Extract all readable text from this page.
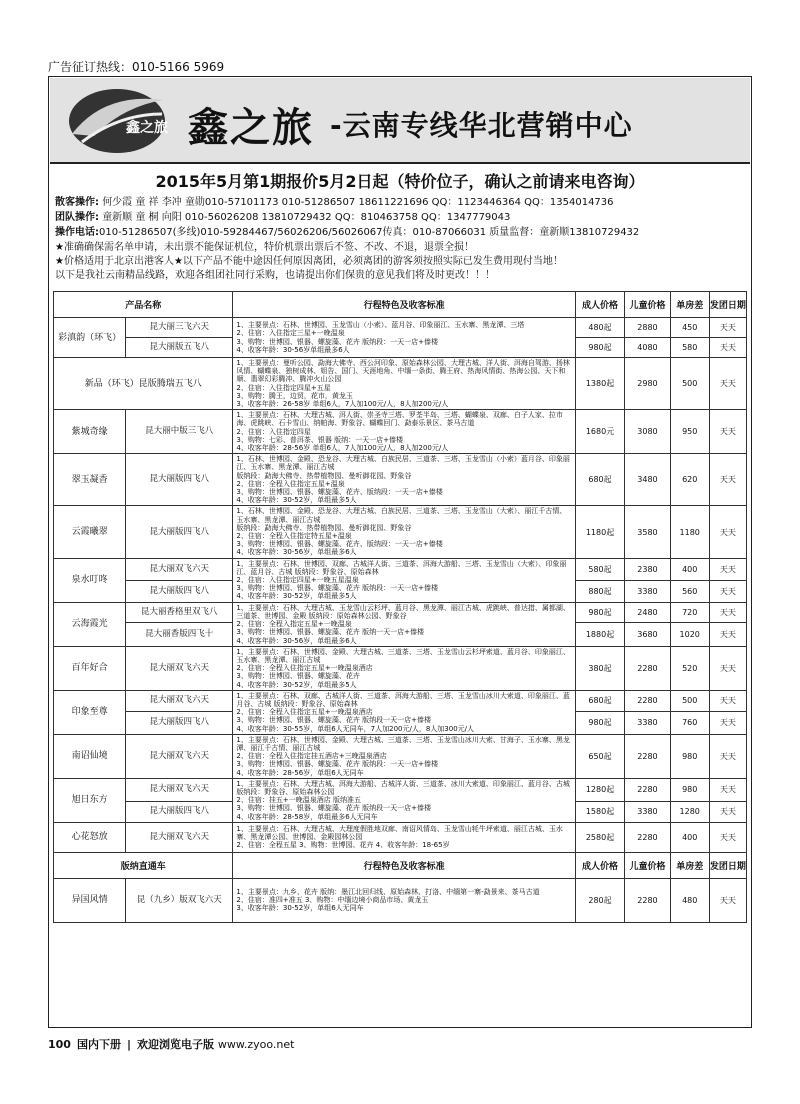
广告征订热线：010-5166 5969
鑫之旅 鑫之旅 -云南专线华北营销中心
2015年5月第1期报价5月2日起（特价位子，确认之前请来电咨询）
散客操作: 何少霞 童 祥 李冲 童勋010-57101173 010-51286507 18611221696 QQ：1123446364 QQ：1354014736
团队操作: 童新顺 童 桐 向阳 010-56026208 13810729432 QQ：810463758 QQ：1347779043
操作电话:010-51286507(多线)010-59284467/56026206/56026067传真：010-87066031 质量监督：童新顺13810729432
★准确确保需名单申请，未出票不能保证机位，特价机票出票后不签、不改、不退，退票全损！
★价格适用于北京出港客人★以下产品不能中途因任何原因离团，必须离团的游客须按照实际已发生费用现付当地！
以下是我社云南精品线路，欢迎各组团社同行采购，也请提出你们保贵的意见我们将及时更改！！！
产品名称		行程特色及收客标准	成人价格	儿童价格	单房差	发团日期
彩滇韵（环飞）	昆大丽三飞六天	1、主要景点：石林、世博园、玉龙雪山（小索）、蓝月谷、印象丽江、玉水寨、黑龙潭、三塔
2、住宿：入住指定三星+一晚温泉
3、购物：世博园、银器、螺旋藻、花卉 版纳段：一天一店+傣楼
4、收客年龄：30-56岁单组最多6人	480起	2880	450	天天
	昆大丽版五飞八		980起	4080	580	天天
新品（环飞）昆版腾瑞五飞八		1、主要景点：曼听公园、勐海大佛寺、西公河印象、原始森林公园、大理古城、洋人街、洱海自驾游、扬林风情、蝴蝶泉、独树成林、姐告、国门、天涯地角、中缅一条街、腾王府、热海风情街、热海公园、天下和顺、翡翠幻彩腾冲、腾冲火山公园
2、住宿：入住指定四星+五星
3、购物：腾王，边贸，花市，黄龙玉
3、收客年龄：26-58岁 单组6人，7人加100元/人，8人加200元/人	1380起	2980	500	天天
紫城奇缘	昆大丽中版三飞八	1、主要景点：石林、大理古城、洱人街、崇圣寺三塔、罗荃半岛、三塔、蝴蝶泉、双廊、白子人家、拉市海、虎跳峡、石卡雪山、纳帕海、野象谷、蝴蝶回门、勐泰乐景区、茶马古道
2、住宿：入住指定四星
3、购物：七彩、普洱茶、银器 版纳：一天一店+傣楼
4、收客年龄：28-56岁 单组6人，7人加100元/人，8人加200元/人	1680元	3080	950	天天
翠玉凝香	昆大丽版四飞八	1、石林、世博园、金殿、恐龙谷、大理古城、白族民居、三道茶、三塔、玉龙雪山（小索）蓝月谷、印象丽江、玉水寨、黑龙潭、丽江古城
版纳段：勐海大佛寺、热带植物园、曼听御花园、野象谷
2、住宿：全程入住指定五星+温泉
3、购物：世博园、银器、螺旋藻、花卉、版纳段：一天一店+傣楼
4、收客年龄：30-52岁，单组最多5人	680起	3480	620	天天
云霞曦翠	昆大丽版四飞八	1、石林、世博园、金殿、恐龙谷、大理古城、白族民居、三道茶、三塔、玉龙雪山（大索）、丽江千古情、玉水寨、黑龙潭、丽江古城
版纳段：勐海大佛寺、热带植物园、曼听御花园、野象谷
2、住宿：全程入住指定特五星+温泉
3、购物：世博园、银器、螺旋藻、花卉、版纳段：一天一店+傣楼
4、收客年龄：30-56岁，单组最多6人	1180起	3580	1180	天天
泉水叮咚	昆大丽双飞六天	1、主要景点：石林、世博园、双廊、古城洋人街、三道茶、洱海大游船、三塔、玉龙雪山（大索）、印象丽江、蓝月谷、古城 版纳段：野象谷、原始森林
2、住宿：入住指定四星+一晚五星温泉
3、购物：世博园、银器、螺旋藻、花卉 版纳段：一天一店+傣楼
4、收客年龄：30-52岁，单组最多5人	580起	2380	400	天天
	昆大丽版四飞八		880起	3380	560	天天
云海霞光	昆大丽香格里双飞八	1、主要景点：石林、大理古城、玉龙雪山云杉坪、蓝月谷、黑龙潭、丽江古城、虎跳峡、普达措、属都湖、三道茶、世博园、金殿 版纳段：原始森林公园、野象谷
2、住宿：全程入指定五星+一晚温泉
3、购物：世博园、银器、螺旋藻、花卉 版纳一天一店+傣楼
4、收客年龄：30-56岁，单组最多6人	980起	2480	720	天天
	昆大丽香版四飞十		1880起	3680	1020	天天
百年好合	昆大丽双飞六天	1、主要景点：石林、世博园、金殿、大理古城、三道茶、三塔、玉龙雪山云杉坪索道、蓝月谷、印象丽江、玉水寨、黑龙潭、丽江古城
2、住宿：全程入住指定五星+一晚温泉酒店
3、购物：世博园、银器、螺旋藻、花卉
4、收客年龄：30-52岁，单组最多5人	380起	2280	520	天天
印象至尊	昆大丽双飞六天	1、主要景点：石林、双廊、古城洋人街、三道茶、洱海大游船、三塔、玉龙雪山冰川大索道、印象丽江、蓝月谷、古城 版纳段：野象谷、原始森林
2、住宿：全程入住指定五星+一晚温泉酒店
3、购物：世博园、银器、螺旋藻、花卉 版纳段一天一店+傣楼
4、收客年龄：30-55岁，单组6人无同车，7人加200元/人，8人加300元/人	680起	2280	500	天天
	昆大丽版四飞八		980起	3380	760	天天
南诏仙境	昆大丽双飞六天	1、主要景点：石林、世博园、金殿、大理古城、三道茶、三塔、玉龙雪山冰川大索、甘海子、玉水寨、黑龙潭、丽江千古情、丽江古城
2、住宿：全程入住指定挂五酒店+三晚温泉酒店
3、购物：世博园、银器、螺旋藻、花卉 版纳段：一天一店+傣楼
4、收客年龄：28-56岁，单组6人无同车	650起	2280	980	天天
旭日东方	昆大丽双飞六天	1、主要景点：石林、大理古城、洱海大游船、古城洋人街、三道茶、冰川大索道、印象丽江、蓝月谷、古城 版纳段：野象谷、原始森林公园
2、住宿：挂五+一晚温泉酒店 版纳准五
3、购物：世博园、银器、螺旋藻、花卉 版纳段一天一店+傣楼
4、收客年龄：28-58岁，单组最多6人无同车	1280起	2280	980	天天
	昆大丽版四飞八		1580起	3380	1280	天天
心花怒放	昆大丽双飞六天	1、主要景点：石林、大理古城、大理度假胜地双廊、南诏风情岛、玉龙雪山牦牛坪索道、丽江古城、玉水寨、黑龙潭公园、世博园、金殿园林公园
2、住宿：全程五星 3、购物：世博园、花卉 4、收客年龄：18-65岁	2580起	2280	400	天天
版纳直通车		行程特色及收客标准	成人价格	儿童价格	单房差	发团日期
异国风情	昆（九乡）版双飞六天	1、主要景点：九乡、花卉 版纳：墨江北回归线、原始森林、打洛、中缅第一寨-勐景来、茶马古道
2、住宿：准四+准五 3、购物：中缅边境小商品市场、黄龙玉
3、收客年龄：30-52岁，单组6人无同车	280起	2280	480	天天
100 国内下册 | 欢迎浏览电子版 www.zyoo.net
